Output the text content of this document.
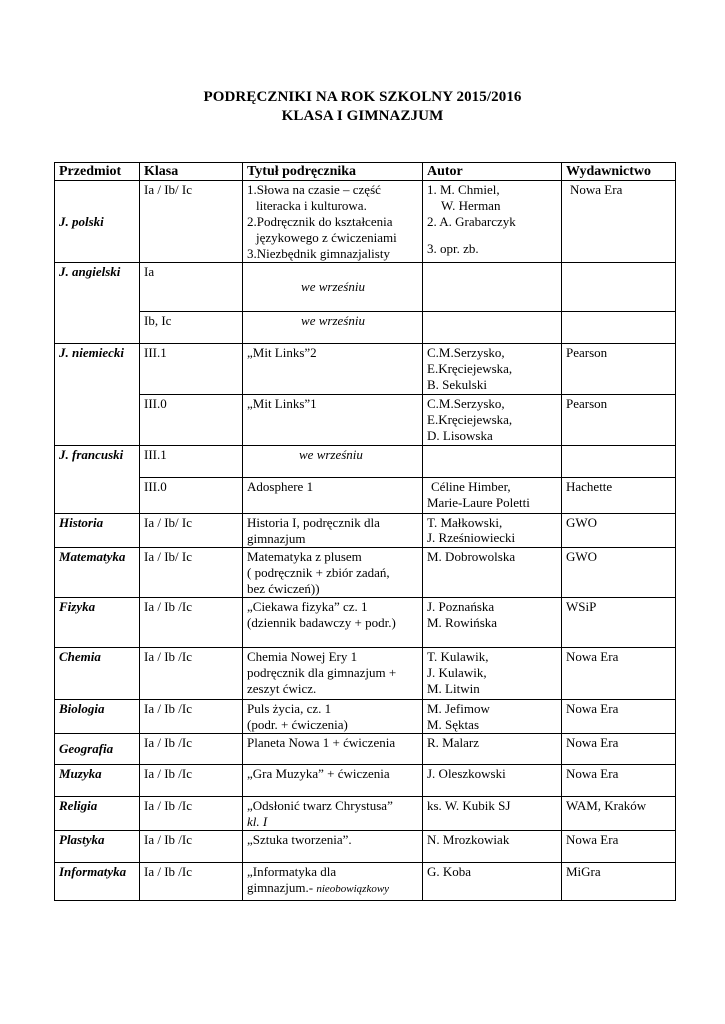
PODRĘCZNIKI NA ROK SZKOLNY 2015/2016
KLASA I GIMNAZJUM
Przedmiot	Klasa	Tytuł podręcznika	Autor	Wydawnictwo
J. polski	Ia / Ib/ Ic	1.Słowa na czasie – część
literacka i kulturowa.
2.Podręcznik do kształcenia
językowego z ćwiczeniami
3.Niezbędnik gimnazjalisty	1. M. Chmiel,
W. Herman
2. A. Grabarczyk
3. opr. zb.	Nowa Era
J. angielski	Ia	we wrześniu		

	Ib, Ic	we wrześniu		
J. niemiecki	III.1	„Mit Links”2	C.M.Serzysko,
E.Kręciejewska,
B. Sekulski	Pearson
	III.0	„Mit Links”1	C.M.Serzysko,
E.Kręciejewska,
D. Lisowska	Pearson
J. francuski	III.1	we wrześniu		

	III.0	Adosphere 1	Céline Himber,
Marie-Laure Poletti	Hachette
Historia	Ia / Ib/ Ic	Historia I, podręcznik dla
gimnazjum	T. Małkowski,
J. Rześniowiecki	GWO
Matematyka	Ia / Ib/ Ic	Matematyka z plusem
( podręcznik + zbiór zadań,
bez ćwiczeń))	M. Dobrowolska	GWO
Fizyka	Ia / Ib /Ic	„Ciekawa fizyka” cz. 1
(dziennik badawczy + podr.)	J. Poznańska
M. Rowińska	WSiP
Chemia	Ia / Ib /Ic	Chemia Nowej Ery 1
podręcznik dla gimnazjum +
zeszyt ćwicz.	T. Kulawik,
J. Kulawik,
M. Litwin	Nowa Era
Biologia	Ia / Ib /Ic	Puls życia, cz. 1
(podr. + ćwiczenia)	M. Jefimow
M. Sęktas	Nowa Era

Geografia	Ia / Ib /Ic	Planeta Nowa 1 + ćwiczenia	R. Malarz	Nowa Era
Muzyka	Ia / Ib /Ic	„Gra Muzyka” + ćwiczenia	J. Oleszkowski	Nowa Era
Religia	Ia / Ib /Ic	„Odsłonić twarz Chrystusa”
kl. I	ks. W. Kubik SJ	WAM, Kraków
Plastyka	Ia / Ib /Ic	„Sztuka tworzenia”.	N. Mrozkowiak	Nowa Era
Informatyka	Ia / Ib /Ic	„Informatyka dla
gimnazjum.- nieobowiązkowy	G. Koba	MiGra
